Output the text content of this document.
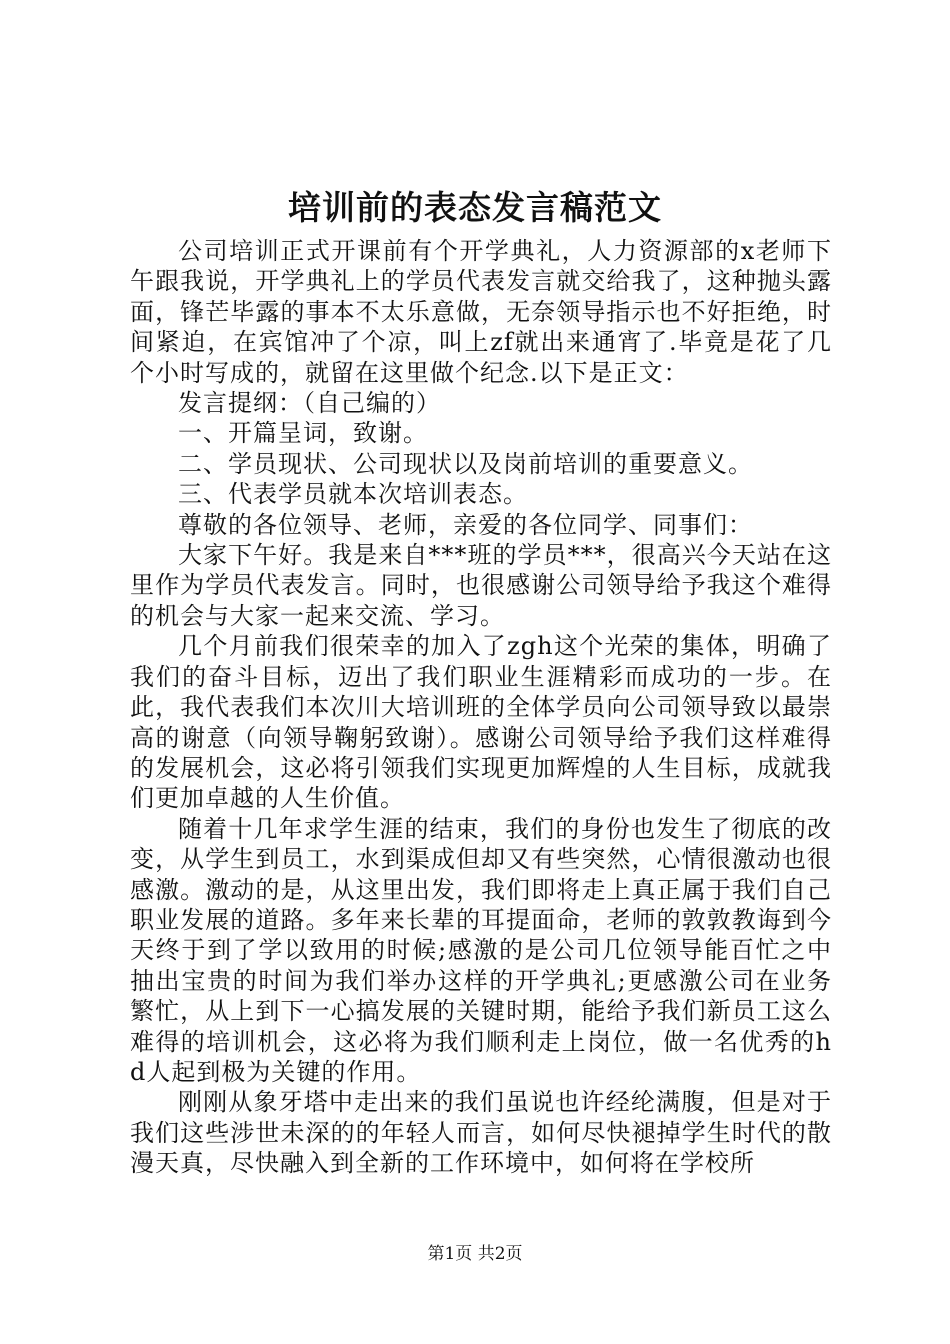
培训前的表态发言稿范文

公司培训正式开课前有个开学典礼，人力资源部的x老师下午跟我说，开学典礼上的学员代表发言就交给我了，这种抛头露面，锋芒毕露的事本不太乐意做，无奈领导指示也不好拒绝，时间紧迫，在宾馆冲了个凉，叫上zf就出来通宵了.毕竟是花了几个小时写成的，就留在这里做个纪念.以下是正文：

发言提纲：（自己编的）

一、开篇呈词，致谢。

二、学员现状、公司现状以及岗前培训的重要意义。

三、代表学员就本次培训表态。

尊敬的各位领导、老师，亲爱的各位同学、同事们：

大家下午好。我是来自***班的学员***，很高兴今天站在这里作为学员代表发言。同时，也很感谢公司领导给予我这个难得的机会与大家一起来交流、学习。

几个月前我们很荣幸的加入了zgh这个光荣的集体，明确了我们的奋斗目标，迈出了我们职业生涯精彩而成功的一步。在此，我代表我们本次川大培训班的全体学员向公司领导致以最崇高的谢意（向领导鞠躬致谢）。感谢公司领导给予我们这样难得的发展机会，这必将引领我们实现更加辉煌的人生目标，成就我们更加卓越的人生价值。

随着十几年求学生涯的结束，我们的身份也发生了彻底的改变，从学生到员工，水到渠成但却又有些突然，心情很激动也很感激。激动的是，从这里出发，我们即将走上真正属于我们自己职业发展的道路。多年来长辈的耳提面命，老师的敦敦教诲到今天终于到了学以致用的时候;感激的是公司几位领导能百忙之中抽出宝贵的时间为我们举办这样的开学典礼;更感激公司在业务繁忙，从上到下一心搞发展的关键时期，能给予我们新员工这么难得的培训机会，这必将为我们顺利走上岗位，做一名优秀的hd人起到极为关键的作用。

刚刚从象牙塔中走出来的我们虽说也许经纶满腹，但是对于我们这些涉世未深的的年轻人而言，如何尽快褪掉学生时代的散漫天真，尽快融入到全新的工作环境中，如何将在学校所

第1页 共2页
